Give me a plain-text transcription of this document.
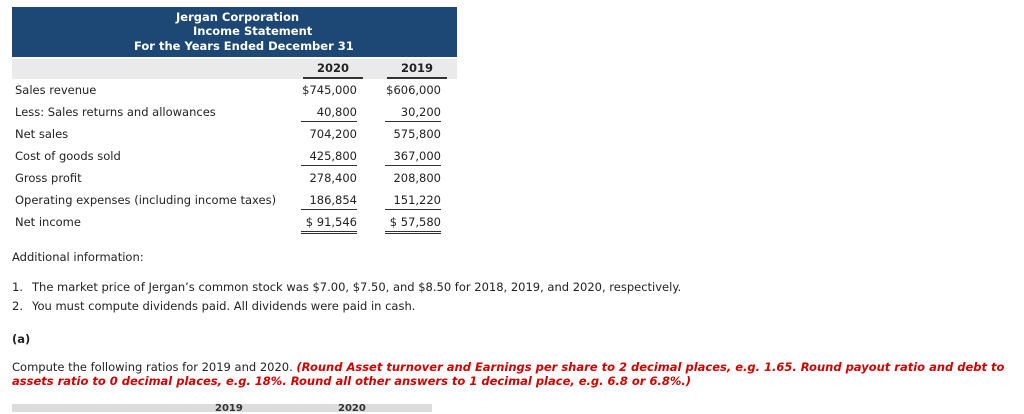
Jergan Corporation
Income Statement
For the Years Ended December 31
2020	2019
Sales revenue	$745,000	$606,000
Less: Sales returns and allowances	40,800	30,200
Net sales	704,200	575,800
Cost of goods sold	425,800	367,000
Gross profit	278,400	208,800
Operating expenses (including income taxes)	186,854	151,220
Net income	$ 91,546	$ 57,580
Additional information:
1. The market price of Jergan’s common stock was $7.00, $7.50, and $8.50 for 2018, 2019, and 2020, respectively.
2. You must compute dividends paid. All dividends were paid in cash.
(a)
Compute the following ratios for 2019 and 2020. (Round Asset turnover and Earnings per share to 2 decimal places, e.g. 1.65. Round payout ratio and debt to assets ratio to 0 decimal places, e.g. 18%. Round all other answers to 1 decimal place, e.g. 6.8 or 6.8%.)
2019	2020
